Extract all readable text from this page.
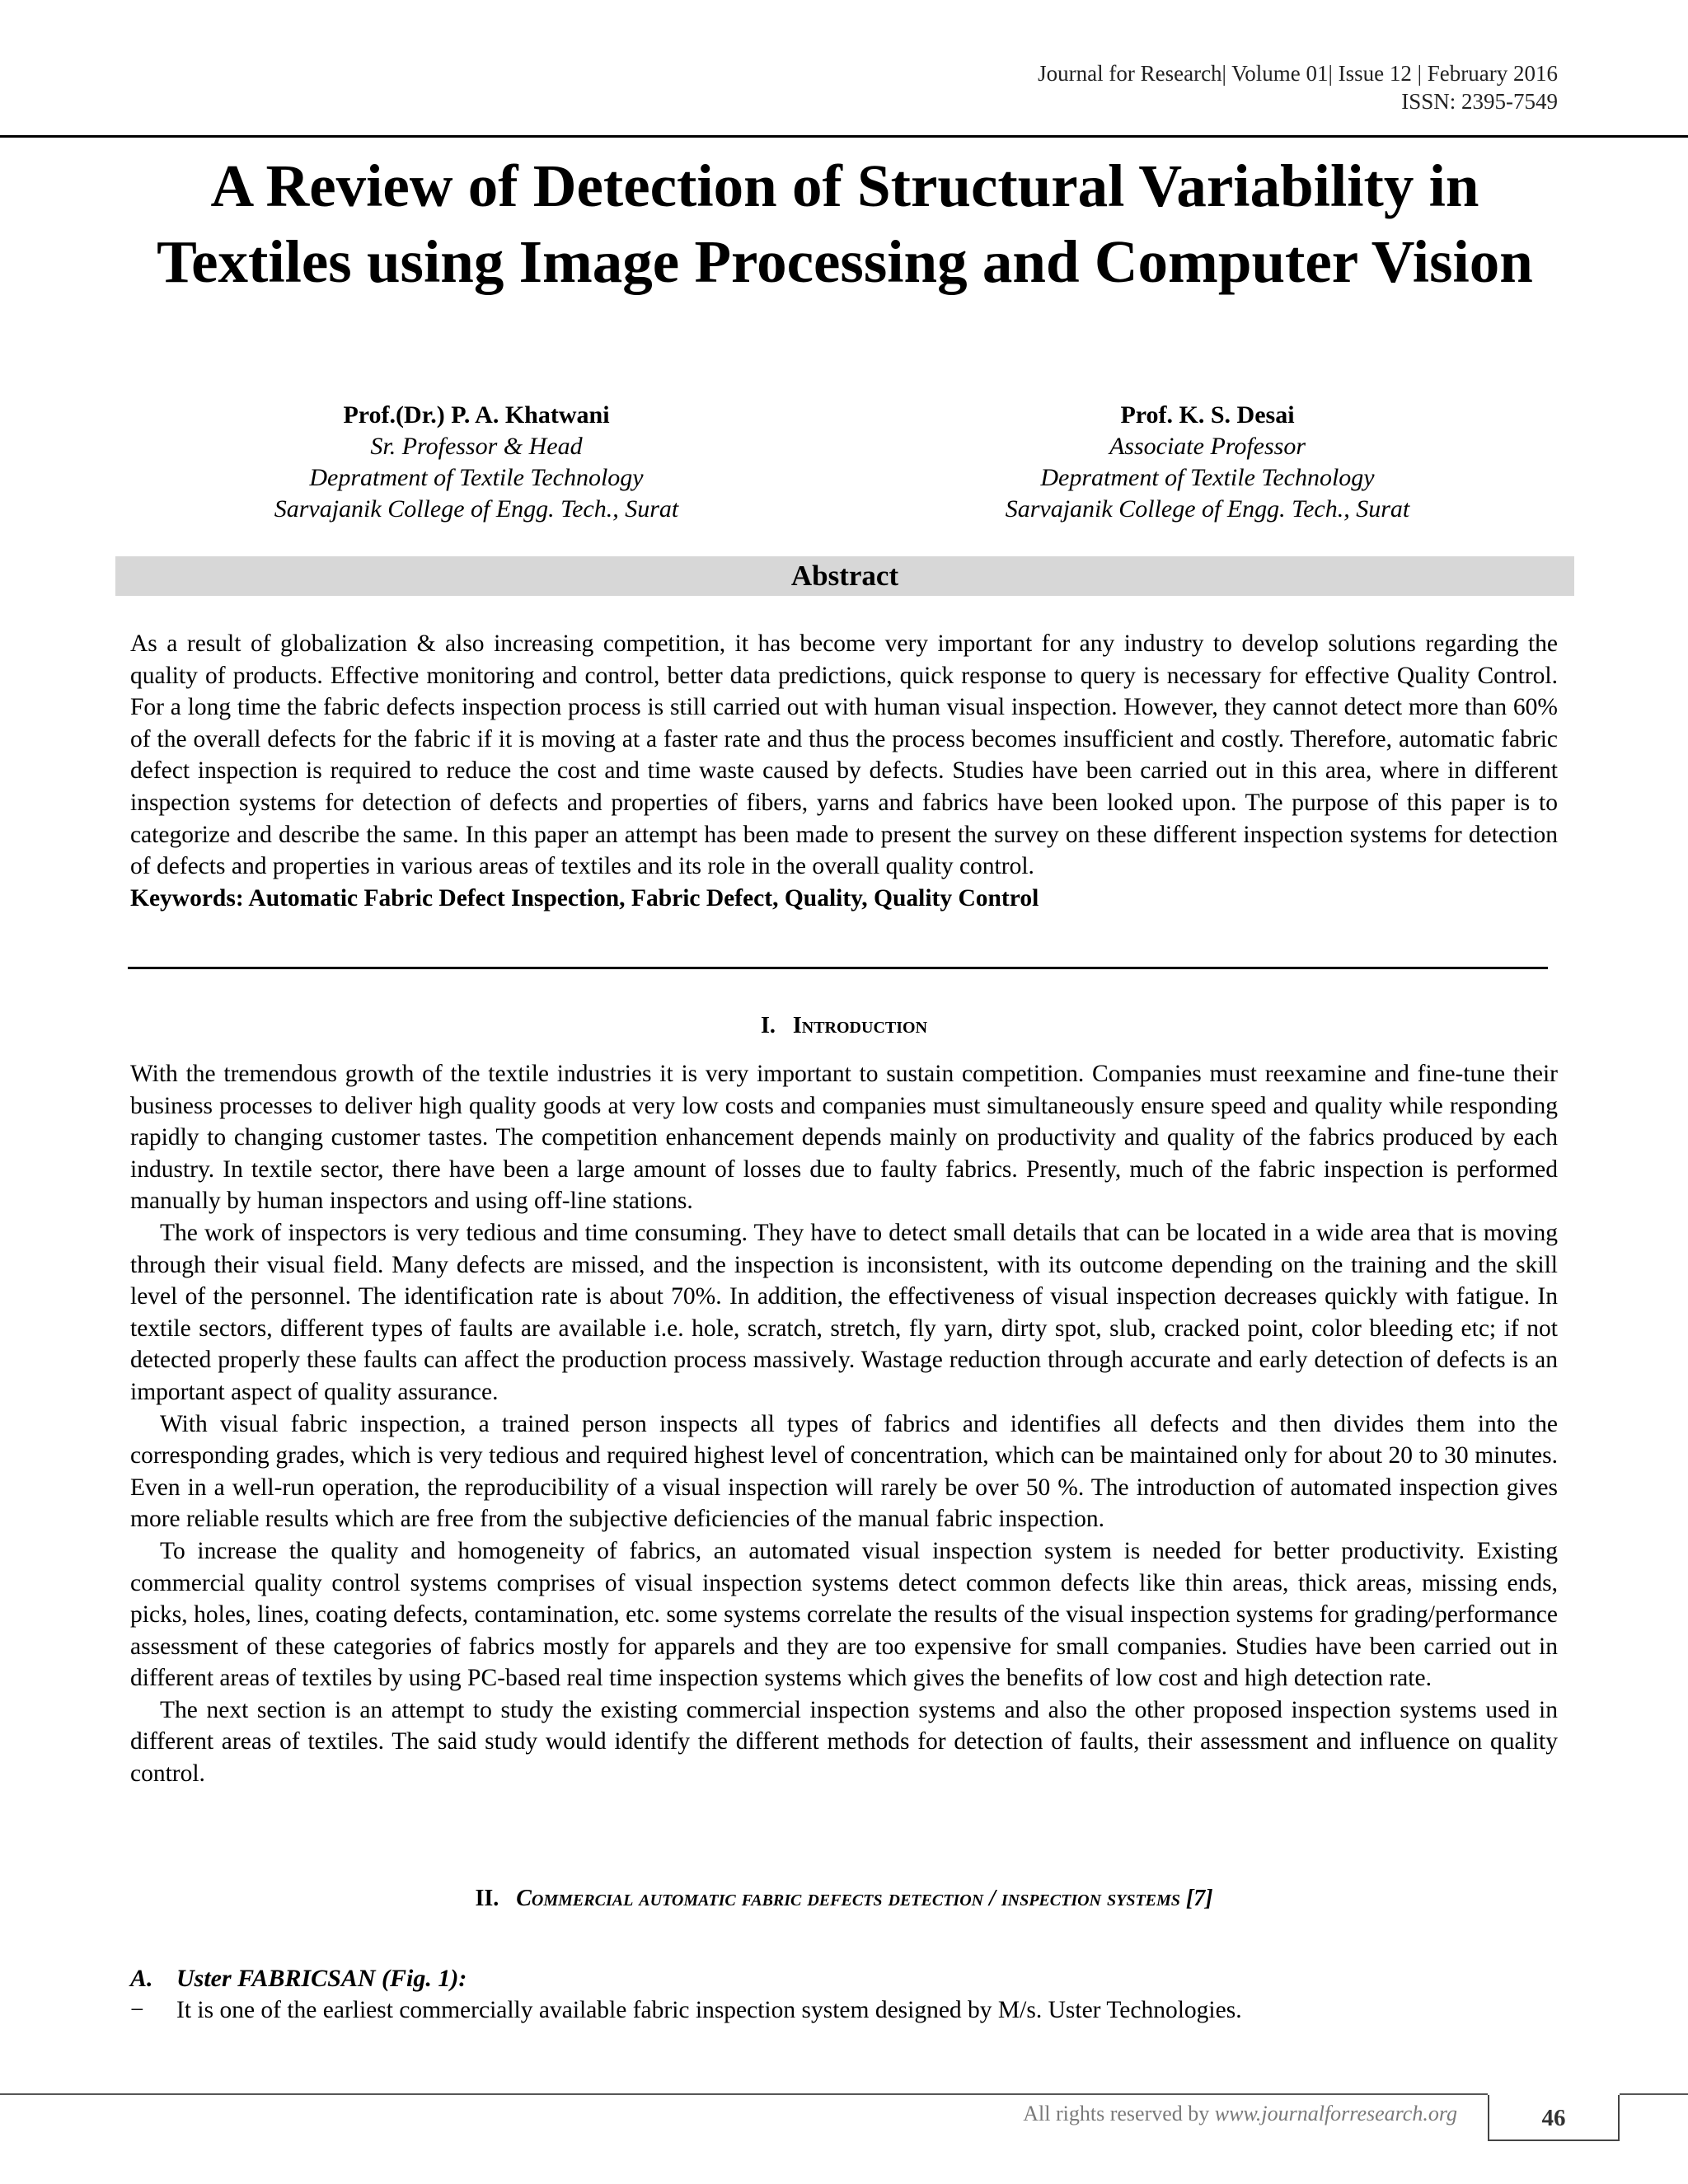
Journal for Research| Volume 01| Issue 12 | February 2016
ISSN: 2395-7549
A Review of Detection of Structural Variability in Textiles using Image Processing and Computer Vision
Prof.(Dr.) P. A. Khatwani
Sr. Professor & Head
Depratment of Textile Technology
Sarvajanik College of Engg. Tech., Surat
Prof. K. S. Desai
Associate Professor
Depratment of Textile Technology
Sarvajanik College of Engg. Tech., Surat
Abstract

As a result of globalization & also increasing competition, it has become very important for any industry to develop solutions regarding the quality of products. Effective monitoring and control, better data predictions, quick response to query is necessary for effective Quality Control. For a long time the fabric defects inspection process is still carried out with human visual inspection. However, they cannot detect more than 60% of the overall defects for the fabric if it is moving at a faster rate and thus the process becomes insufficient and costly. Therefore, automatic fabric defect inspection is required to reduce the cost and time waste caused by defects. Studies have been carried out in this area, where in different inspection systems for detection of defects and properties of fibers, yarns and fabrics have been looked upon. The purpose of this paper is to categorize and describe the same. In this paper an attempt has been made to present the survey on these different inspection systems for detection of defects and properties in various areas of textiles and its role in the overall quality control.

Keywords: Automatic Fabric Defect Inspection, Fabric Defect, Quality, Quality Control

I. Introduction

With the tremendous growth of the textile industries it is very important to sustain competition. Companies must reexamine and fine-tune their business processes to deliver high quality goods at very low costs and companies must simultaneously ensure speed and quality while responding rapidly to changing customer tastes. The competition enhancement depends mainly on productivity and quality of the fabrics produced by each industry. In textile sector, there have been a large amount of losses due to faulty fabrics. Presently, much of the fabric inspection is performed manually by human inspectors and using off-line stations.

The work of inspectors is very tedious and time consuming. They have to detect small details that can be located in a wide area that is moving through their visual field. Many defects are missed, and the inspection is inconsistent, with its outcome depending on the training and the skill level of the personnel. The identification rate is about 70%. In addition, the effectiveness of visual inspection decreases quickly with fatigue. In textile sectors, different types of faults are available i.e. hole, scratch, stretch, fly yarn, dirty spot, slub, cracked point, color bleeding etc; if not detected properly these faults can affect the production process massively. Wastage reduction through accurate and early detection of defects is an important aspect of quality assurance.

With visual fabric inspection, a trained person inspects all types of fabrics and identifies all defects and then divides them into the corresponding grades, which is very tedious and required highest level of concentration, which can be maintained only for about 20 to 30 minutes. Even in a well-run operation, the reproducibility of a visual inspection will rarely be over 50 %. The introduction of automated inspection gives more reliable results which are free from the subjective deficiencies of the manual fabric inspection.

To increase the quality and homogeneity of fabrics, an automated visual inspection system is needed for better productivity. Existing commercial quality control systems comprises of visual inspection systems detect common defects like thin areas, thick areas, missing ends, picks, holes, lines, coating defects, contamination, etc. some systems correlate the results of the visual inspection systems for grading/performance assessment of these categories of fabrics mostly for apparels and they are too expensive for small companies. Studies have been carried out in different areas of textiles by using PC-based real time inspection systems which gives the benefits of low cost and high detection rate.

The next section is an attempt to study the existing commercial inspection systems and also the other proposed inspection systems used in different areas of textiles. The said study would identify the different methods for detection of faults, their assessment and influence on quality control.

II. Commercial automatic fabric defects detection / inspection systems [7]
A. Uster FABRICSAN (Fig. 1):
− It is one of the earliest commercially available fabric inspection system designed by M/s. Uster Technologies.
All rights reserved by www.journalforresearch.org	46
